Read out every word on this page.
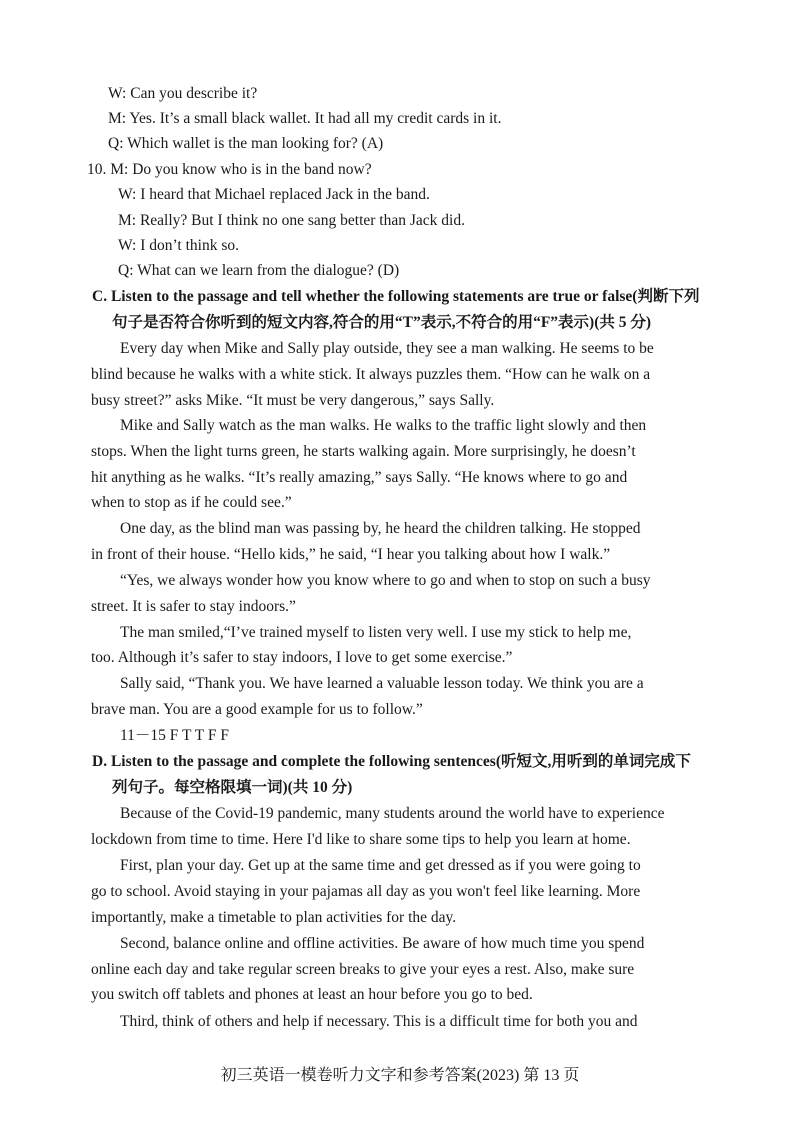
W: Can you describe it?
M: Yes. It’s a small black wallet. It had all my credit cards in it.
Q: Which wallet is the man looking for? (A)
10. M: Do you know who is in the band now?
W: I heard that Michael replaced Jack in the band.
M: Really? But I think no one sang better than Jack did.
W: I don’t think so.
Q: What can we learn from the dialogue? (D)
C. Listen to the passage and tell whether the following statements are true or false(判断下列
句子是否符合你听到的短文内容,符合的用“T”表示,不符合的用“F”表示)(共 5 分)
Every day when Mike and Sally play outside, they see a man walking. He seems to be
blind because he walks with a white stick. It always puzzles them. “How can he walk on a
busy street?” asks Mike. “It must be very dangerous,” says Sally.
Mike and Sally watch as the man walks. He walks to the traffic light slowly and then
stops. When the light turns green, he starts walking again. More surprisingly, he doesn’t
hit anything as he walks. “It’s really amazing,” says Sally. “He knows where to go and
when to stop as if he could see.”
One day, as the blind man was passing by, he heard the children talking. He stopped
in front of their house. “Hello kids,” he said, “I hear you talking about how I walk.”
“Yes, we always wonder how you know where to go and when to stop on such a busy
street. It is safer to stay indoors.”
The man smiled,“I’ve trained myself to listen very well. I use my stick to help me,
too. Although it’s safer to stay indoors, I love to get some exercise.”
Sally said, “Thank you. We have learned a valuable lesson today. We think you are a
brave man. You are a good example for us to follow.”
11－15 F T T F F
D. Listen to the passage and complete the following sentences(听短文,用听到的单词完成下
列句子。每空格限填一词)(共 10 分)
Because of the Covid-19 pandemic, many students around the world have to experience
lockdown from time to time. Here I'd like to share some tips to help you learn at home.
First, plan your day. Get up at the same time and get dressed as if you were going to
go to school. Avoid staying in your pajamas all day as you won't feel like learning. More
importantly, make a timetable to plan activities for the day.
Second, balance online and offline activities. Be aware of how much time you spend
online each day and take regular screen breaks to give your eyes a rest. Also, make sure
you switch off tablets and phones at least an hour before you go to bed.
Third, think of others and help if necessary. This is a difficult time for both you and
初三英语一模卷听力文字和参考答案(2023) 第 13 页
